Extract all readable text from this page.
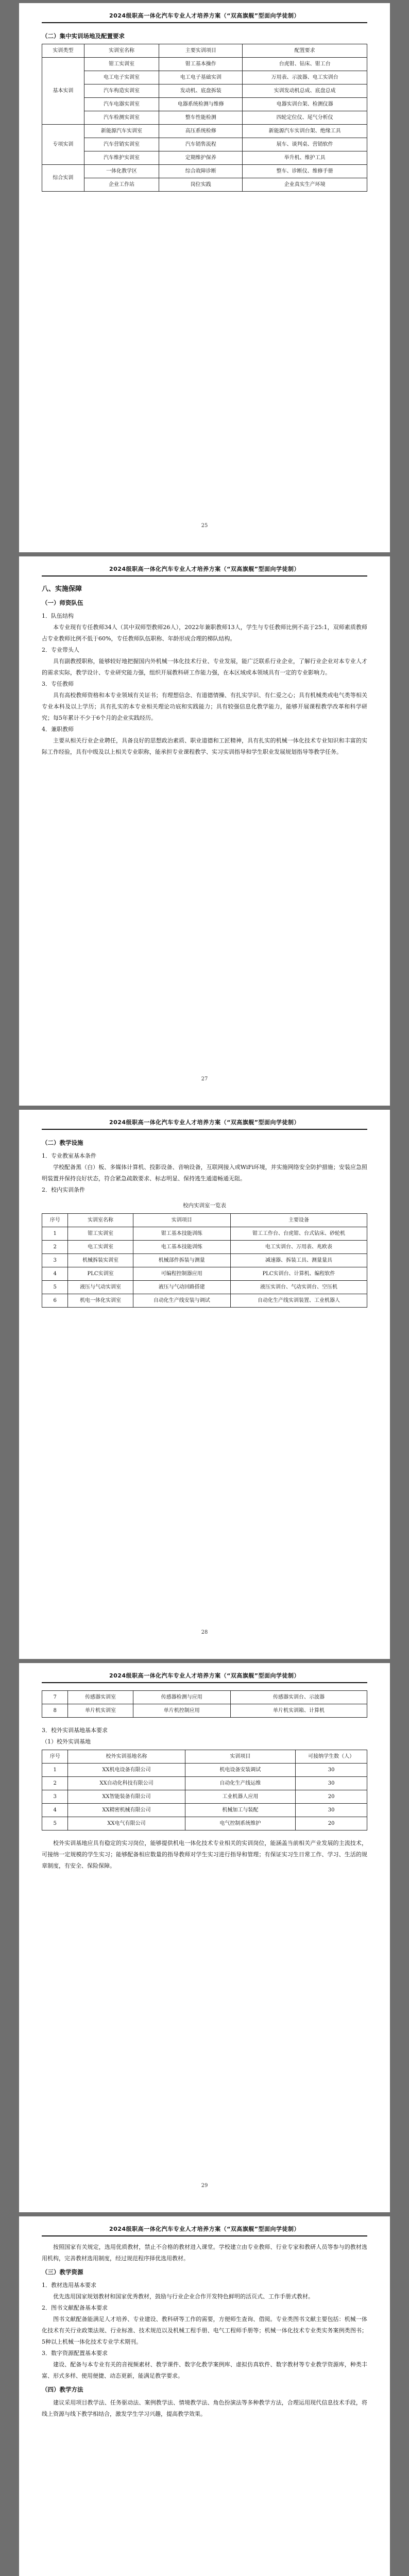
2024级职高一体化汽车专业人才培养方案（“双高旗舰”型面向学徒制）

（二）集中实训场地及配置要求

实训类型	实训室名称	主要实训项目	配置要求
基本实训	钳工实训室	钳工基本操作	台虎钳、钻床、钳工台
	电工电子实训室	电工电子基础实训	万用表、示波器、电工实训台
	汽车构造实训室	发动机、底盘拆装	实训发动机总成、底盘总成
	汽车电器实训室	电器系统检测与维修	电器实训台架、检测仪器
	汽车检测实训室	整车性能检测	四轮定位仪、尾气分析仪
专项实训	新能源汽车实训室	高压系统检修	新能源汽车实训台架、绝缘工具
	汽车营销实训室	汽车销售流程	展车、谈判桌、营销软件
	汽车维护实训室	定期维护保养	举升机、维护工具
综合实训	一体化教学区	综合故障诊断	整车、诊断仪、维修手册
	企业工作站	岗位实践	企业真实生产环境
25
2024级职高一体化汽车专业人才培养方案（“双高旗舰”型面向学徒制）

八、实施保障

（一）师资队伍

1．队伍结构

本专业现有专任教师34人（其中双师型教师26人），2022年兼职教师13人，学生与专任教师比例不高于25:1，双师素质教师占专业教师比例不低于60%，专任教师队伍职称、年龄形成合理的梯队结构。

2．专业带头人

具有副教授职称，能够较好地把握国内外机械一体化技术行业、专业发展，能广泛联系行业企业，了解行业企业对本专业人才的需求实际，教学设计、专业研究能力强，组织开展教科研工作能力强，在本区域或本领域具有一定的专业影响力。

3．专任教师

具有高校教师资格和本专业领域有关证书；有理想信念、有道德情操、有扎实学识、有仁爱之心；具有机械类或电气类等相关专业本科及以上学历；具有扎实的本专业相关理论功底和实践能力；具有较强信息化教学能力，能够开展课程教学改革和科学研究；每5年累计不少于6个月的企业实践经历。

4．兼职教师

主要从相关行业企业聘任，具备良好的思想政治素质、职业道德和工匠精神，具有扎实的机械一体化技术专业知识和丰富的实际工作经验，具有中级及以上相关专业职称，能承担专业课程教学、实习实训指导和学生职业发展规划指导等教学任务。

27
2024级职高一体化汽车专业人才培养方案（“双高旗舰”型面向学徒制）

（二）教学设施

1．专业教室基本条件

学校配备黑（白）板、多媒体计算机、投影设备、音响设备，互联网接入或WiFi环境，并实施网络安全防护措施；安装应急照明装置并保持良好状态，符合紧急疏散要求、标志明显、保持逃生通道畅通无阻。

2．校内实训条件

校内实训室一览表

序号	实训室名称	实训项目	主要设备
1	钳工实训室	钳工基本技能训练	钳工工作台、台虎钳、台式钻床、砂轮机
2	电工实训室	电工基本技能训练	电工实训台、万用表、兆欧表
3	机械拆装实训室	机械部件拆装与测量	减速器、拆装工具、测量量具
4	PLC实训室	可编程控制器应用	PLC实训台、计算机、编程软件
5	液压与气动实训室	液压与气动回路搭建	液压实训台、气动实训台、空压机
6	机电一体化实训室	自动化生产线安装与调试	自动化生产线实训装置、工业机器人
28
2024级职高一体化汽车专业人才培养方案（“双高旗舰”型面向学徒制）
7	传感器实训室	传感器检测与应用	传感器实训台、示波器
8	单片机实训室	单片机控制应用	单片机实训箱、计算机

3．校外实训基地基本要求

（1）校外实训基地

序号	校外实训基地名称	实训项目	可接纳学生数（人）
1	XX机电设备有限公司	机电设备安装调试	30
2	XX自动化科技有限公司	自动化生产线运维	30
3	XX智能装备有限公司	工业机器人应用	20
4	XX精密机械有限公司	机械加工与装配	30
5	XX电气有限公司	电气控制系统维护	20

校外实训基地应具有稳定的实习岗位，能够提供机电一体化技术专业相关的实训岗位，能涵盖当前相关产业发展的主流技术，可接纳一定规模的学生实习；能够配备相应数量的指导教师对学生实习进行指导和管理；有保证实习生日常工作、学习、生活的规章制度，有安全、保险保障。

29
2024级职高一体化汽车专业人才培养方案（“双高旗舰”型面向学徒制）

按照国家有关规定，选用优质教材，禁止不合格的教材进入课堂。学校建立由专业教师、行业专家和教研人员等参与的教材选用机构，完善教材选用制度，经过规范程序择优选用教材。

（三）教学资源

1．教材选用基本要求

优先选用国家规划教材和国家优秀教材，鼓励与行业企业合作开发特色鲜明的活页式、工作手册式教材。

2．图书文献配备基本要求

图书文献配备能满足人才培养、专业建设、教科研等工作的需要，方便师生查询、借阅。专业类图书文献主要包括：机械一体化技术有关行业政策法规、行业标准、技术规范以及机械工程手册、电气工程师手册等；机械一体化技术专业类实务案例类图书；5种以上机械一体化技术专业学术期刊。

3．数字资源配置基本要求

建设、配备与本专业有关的音视频素材、教学课件、数字化教学案例库、虚拟仿真软件、数字教材等专业教学资源库，种类丰富、形式多样、使用便捷、动态更新，能满足教学要求。

（四）教学方法

建议采用项目教学法、任务驱动法、案例教学法、情境教学法、角色扮演法等多种教学方法，合理运用现代信息技术手段，将线上资源与线下教学相结合，激发学生学习兴趣，提高教学效果。
